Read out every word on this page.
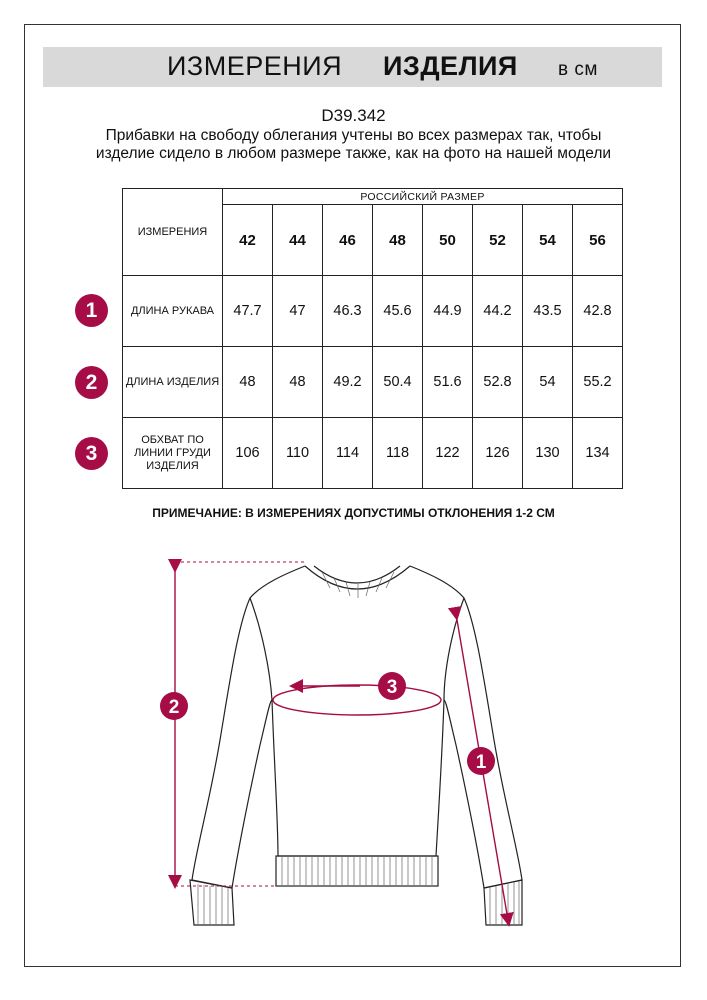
ИЗМЕРЕНИЯ ИЗДЕЛИЯ в см
D39.342
Прибавки на свободу облегания учтены во всех размерах так, чтобы изделие сидело в любом размере также, как на фото на нашей модели
ИЗМЕРЕНИЯ	РОССИЙСКИЙ РАЗМЕР							
	42	44	46	48	50	52	54	56
ДЛИНА РУКАВА	47.7	47	46.3	45.6	44.9	44.2	43.5	42.8
ДЛИНА ИЗДЕЛИЯ	48	48	49.2	50.4	51.6	52.8	54	55.2
ОБХВАТ ПО ЛИНИИ ГРУДИ ИЗДЕЛИЯ	106	110	114	118	122	126	130	134
1
2
3
ПРИМЕЧАНИЕ: В ИЗМЕРЕНИЯХ ДОПУСТИМЫ ОТКЛОНЕНИЯ 1-2 СМ
2
3
1
